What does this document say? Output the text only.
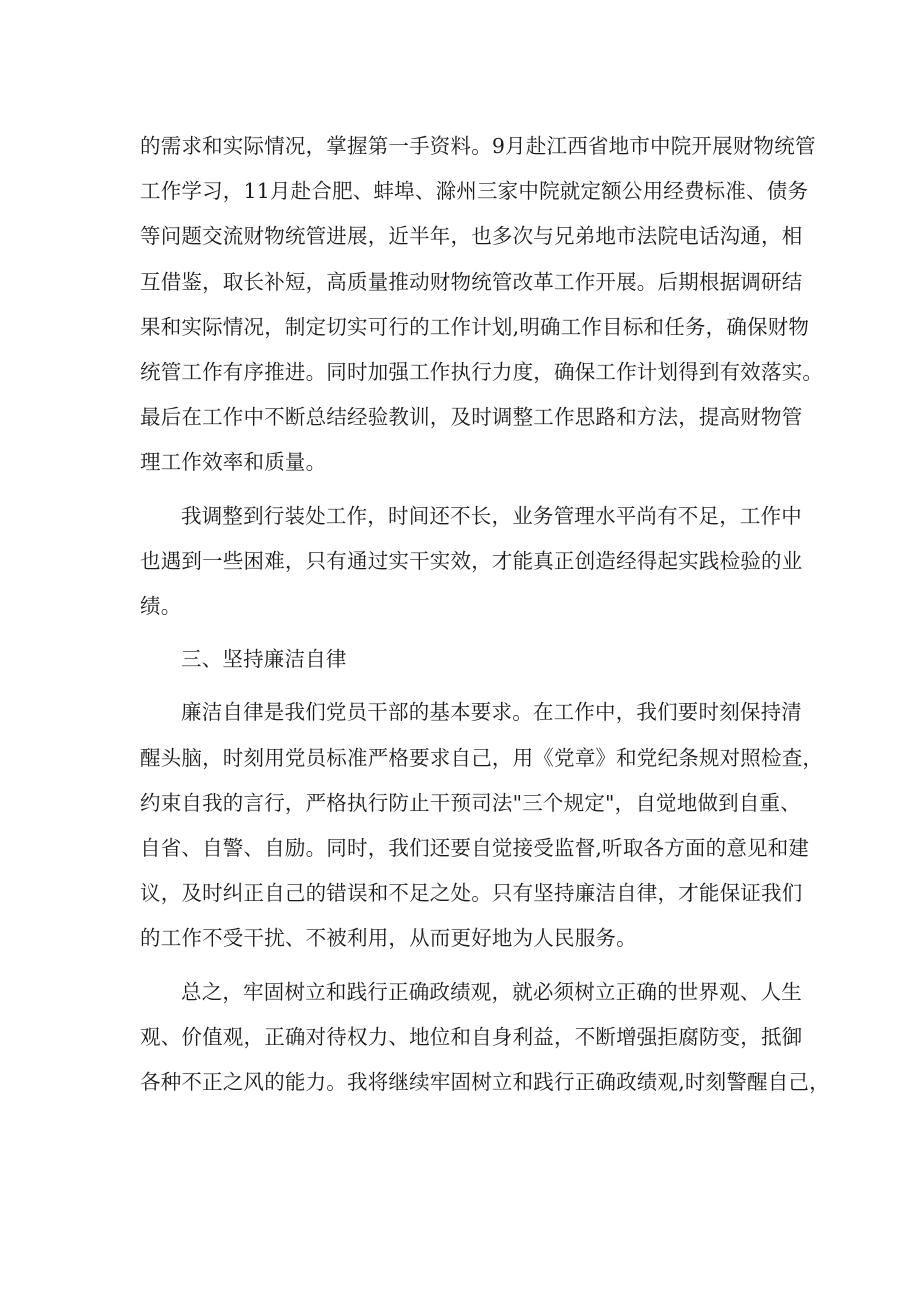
的需求和实际情况，掌握第一手资料。9月赴江西省地市中院开展财物统管
工作学习，11月赴合肥、蚌埠、滁州三家中院就定额公用经费标准、债务
等问题交流财物统管进展，近半年，也多次与兄弟地市法院电话沟通，相
互借鉴，取长补短，高质量推动财物统管改革工作开展。后期根据调研结
果和实际情况，制定切实可行的工作计划,明确工作目标和任务，确保财物
统管工作有序推进。同时加强工作执行力度，确保工作计划得到有效落实。
最后在工作中不断总结经验教训，及时调整工作思路和方法，提高财物管
理工作效率和质量。
我调整到行装处工作，时间还不长，业务管理水平尚有不足，工作中
也遇到一些困难，只有通过实干实效，才能真正创造经得起实践检验的业
绩。
三、坚持廉洁自律
廉洁自律是我们党员干部的基本要求。在工作中，我们要时刻保持清
醒头脑，时刻用党员标准严格要求自己，用《党章》和党纪条规对照检查，
约束自我的言行，严格执行防止干预司法"三个规定"，自觉地做到自重、
自省、自警、自励。同时，我们还要自觉接受监督,听取各方面的意见和建
议，及时纠正自己的错误和不足之处。只有坚持廉洁自律，才能保证我们
的工作不受干扰、不被利用，从而更好地为人民服务。
总之，牢固树立和践行正确政绩观，就必须树立正确的世界观、人生
观、价值观，正确对待权力、地位和自身利益，不断增强拒腐防变，抵御
各种不正之风的能力。我将继续牢固树立和践行正确政绩观,时刻警醒自己，
